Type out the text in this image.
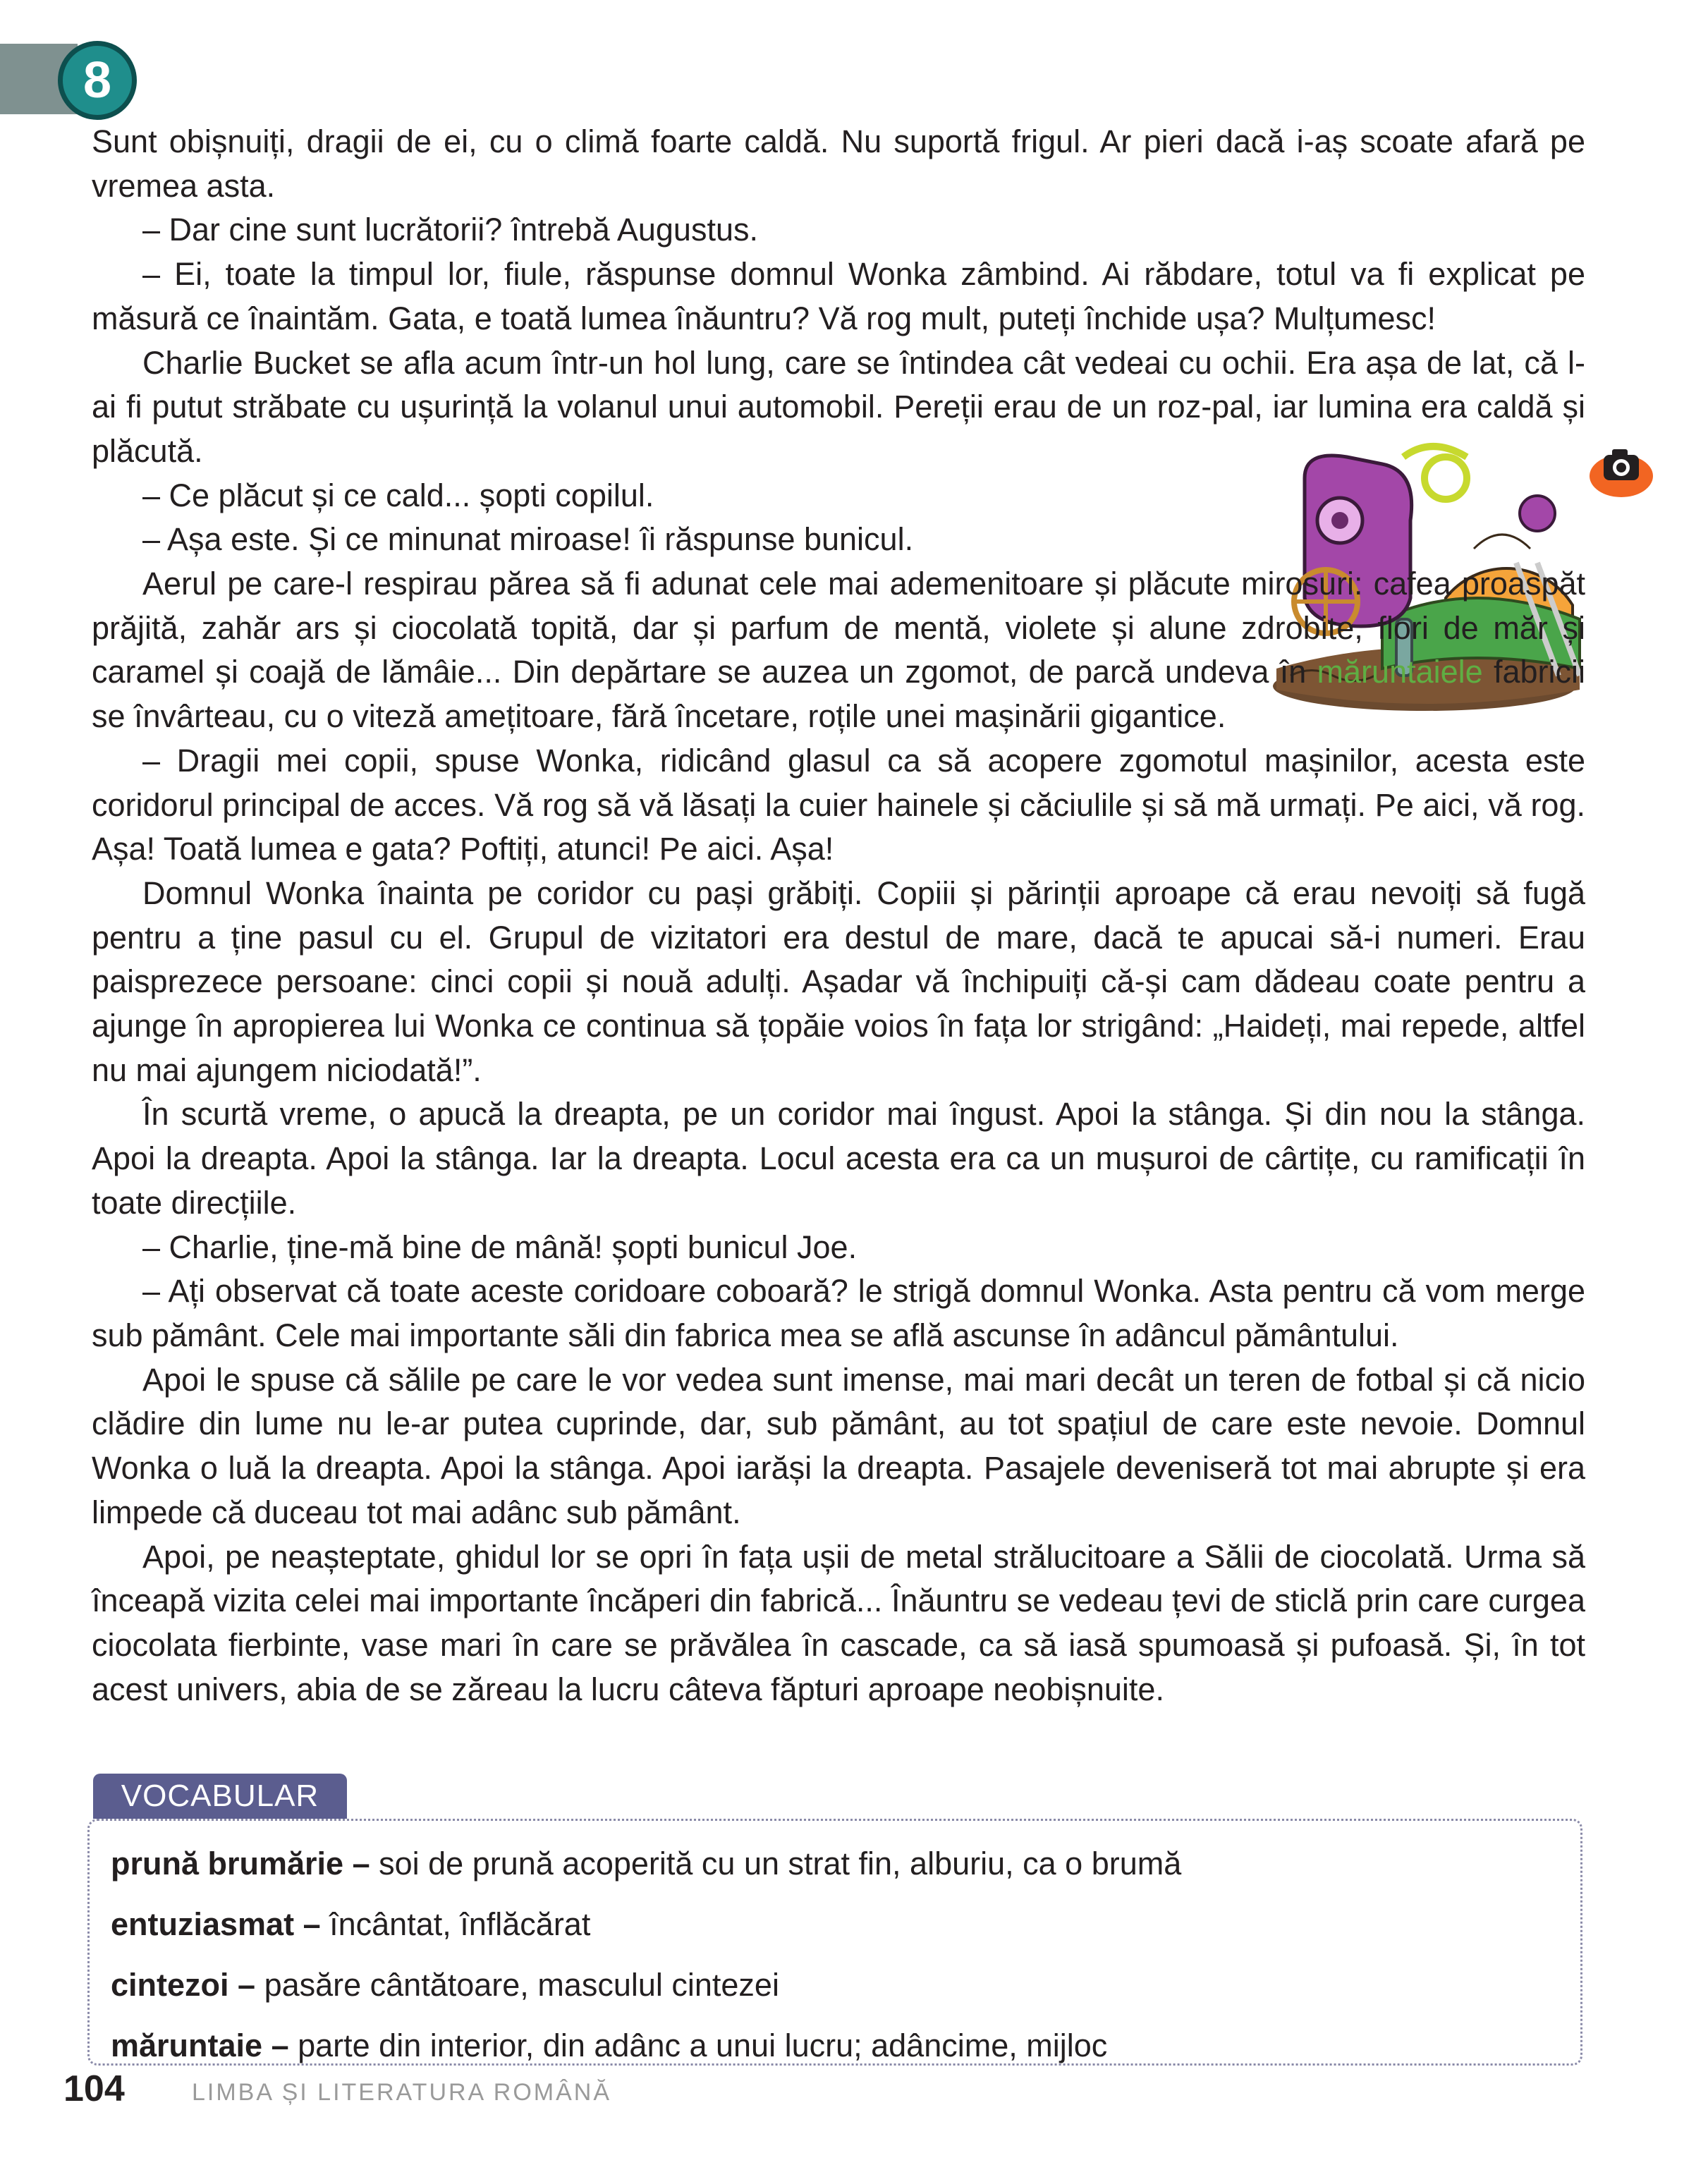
8

Sunt obișnuiți, dragii de ei, cu o climă foarte caldă. Nu suportă frigul. Ar pieri dacă i-aș scoate afară pe vremea asta.

– Dar cine sunt lucrătorii? întrebă Augustus.

– Ei, toate la timpul lor, fiule, răspunse domnul Wonka zâmbind. Ai răbdare, totul va fi explicat pe măsură ce înaintăm. Gata, e toată lumea înăuntru? Vă rog mult, puteți închide ușa? Mulțumesc!

Charlie Bucket se afla acum într-un hol lung, care se întindea cât vedeai cu ochii. Era așa de lat, că l-ai fi putut străbate cu ușurință la volanul unui automobil. Pereții erau de un roz-pal, iar lumina era caldă și plăcută.

– Ce plăcut și ce cald... șopti copilul.

– Așa este. Și ce minunat miroase! îi răspunse bunicul.

Aerul pe care-l respirau părea să fi adunat cele mai ademenitoare și plăcute mirosuri: cafea proaspăt prăjită, zahăr ars și ciocolată topită, dar și parfum de mentă, violete și alune zdrobite, flori de măr și caramel și coajă de lămâie... Din depărtare se auzea un zgomot, de parcă undeva în măruntaiele fabricii se învârteau, cu o viteză amețitoare, fără încetare, roțile unei mașinării gigantice.

– Dragii mei copii, spuse Wonka, ridicând glasul ca să acopere zgomotul mașinilor, acesta este coridorul principal de acces. Vă rog să vă lăsați la cuier hainele și căciulile și să mă urmați. Pe aici, vă rog. Așa! Toată lumea e gata? Poftiți, atunci! Pe aici. Așa!

Domnul Wonka înainta pe coridor cu pași grăbiți. Copiii și părinții aproape că erau nevoiți să fugă pentru a ține pasul cu el. Grupul de vizitatori era destul de mare, dacă te apucai să-i numeri. Erau paisprezece persoane: cinci copii și nouă adulți. Așadar vă închipuiți că-și cam dădeau coate pentru a ajunge în apropierea lui Wonka ce continua să țopăie voios în fața lor strigând: „Haideți, mai repede, altfel nu mai ajungem niciodată!”.

În scurtă vreme, o apucă la dreapta, pe un coridor mai îngust. Apoi la stânga. Și din nou la stânga. Apoi la dreapta. Apoi la stânga. Iar la dreapta. Locul acesta era ca un mușuroi de cârtițe, cu ramificații în toate direcțiile.

– Charlie, ține-mă bine de mână! șopti bunicul Joe.

– Ați observat că toate aceste coridoare coboară? le strigă domnul Wonka. Asta pentru că vom merge sub pământ. Cele mai importante săli din fabrica mea se află ascunse în adâncul pământului.

Apoi le spuse că sălile pe care le vor vedea sunt imense, mai mari decât un teren de fotbal și că nicio clădire din lume nu le-ar putea cuprinde, dar, sub pământ, au tot spațiul de care este nevoie. Domnul Wonka o luă la dreapta. Apoi la stânga. Apoi iarăși la dreapta. Pasajele deveniseră tot mai abrupte și era limpede că duceau tot mai adânc sub pământ.

Apoi, pe neașteptate, ghidul lor se opri în fața ușii de metal strălucitoare a Sălii de ciocolată. Urma să înceapă vizita celei mai importante încăperi din fabrică... Înăuntru se vedeau țevi de sticlă prin care curgea ciocolata fierbinte, vase mari în care se prăvălea în cascade, ca să iasă spumoasă și pufoasă. Și, în tot acest univers, abia de se zăreau la lucru câteva făpturi aproape neobișnuite.

VOCABULAR

prună brumărie – soi de prună acoperită cu un strat fin, alburiu, ca o brumă

entuziasmat – încântat, înflăcărat

cintezoi – pasăre cântătoare, masculul cintezei

măruntaie – parte din interior, din adânc a unui lucru; adâncime, mijloc

104	LIMBA ȘI LITERATURA ROMÂNĂ
